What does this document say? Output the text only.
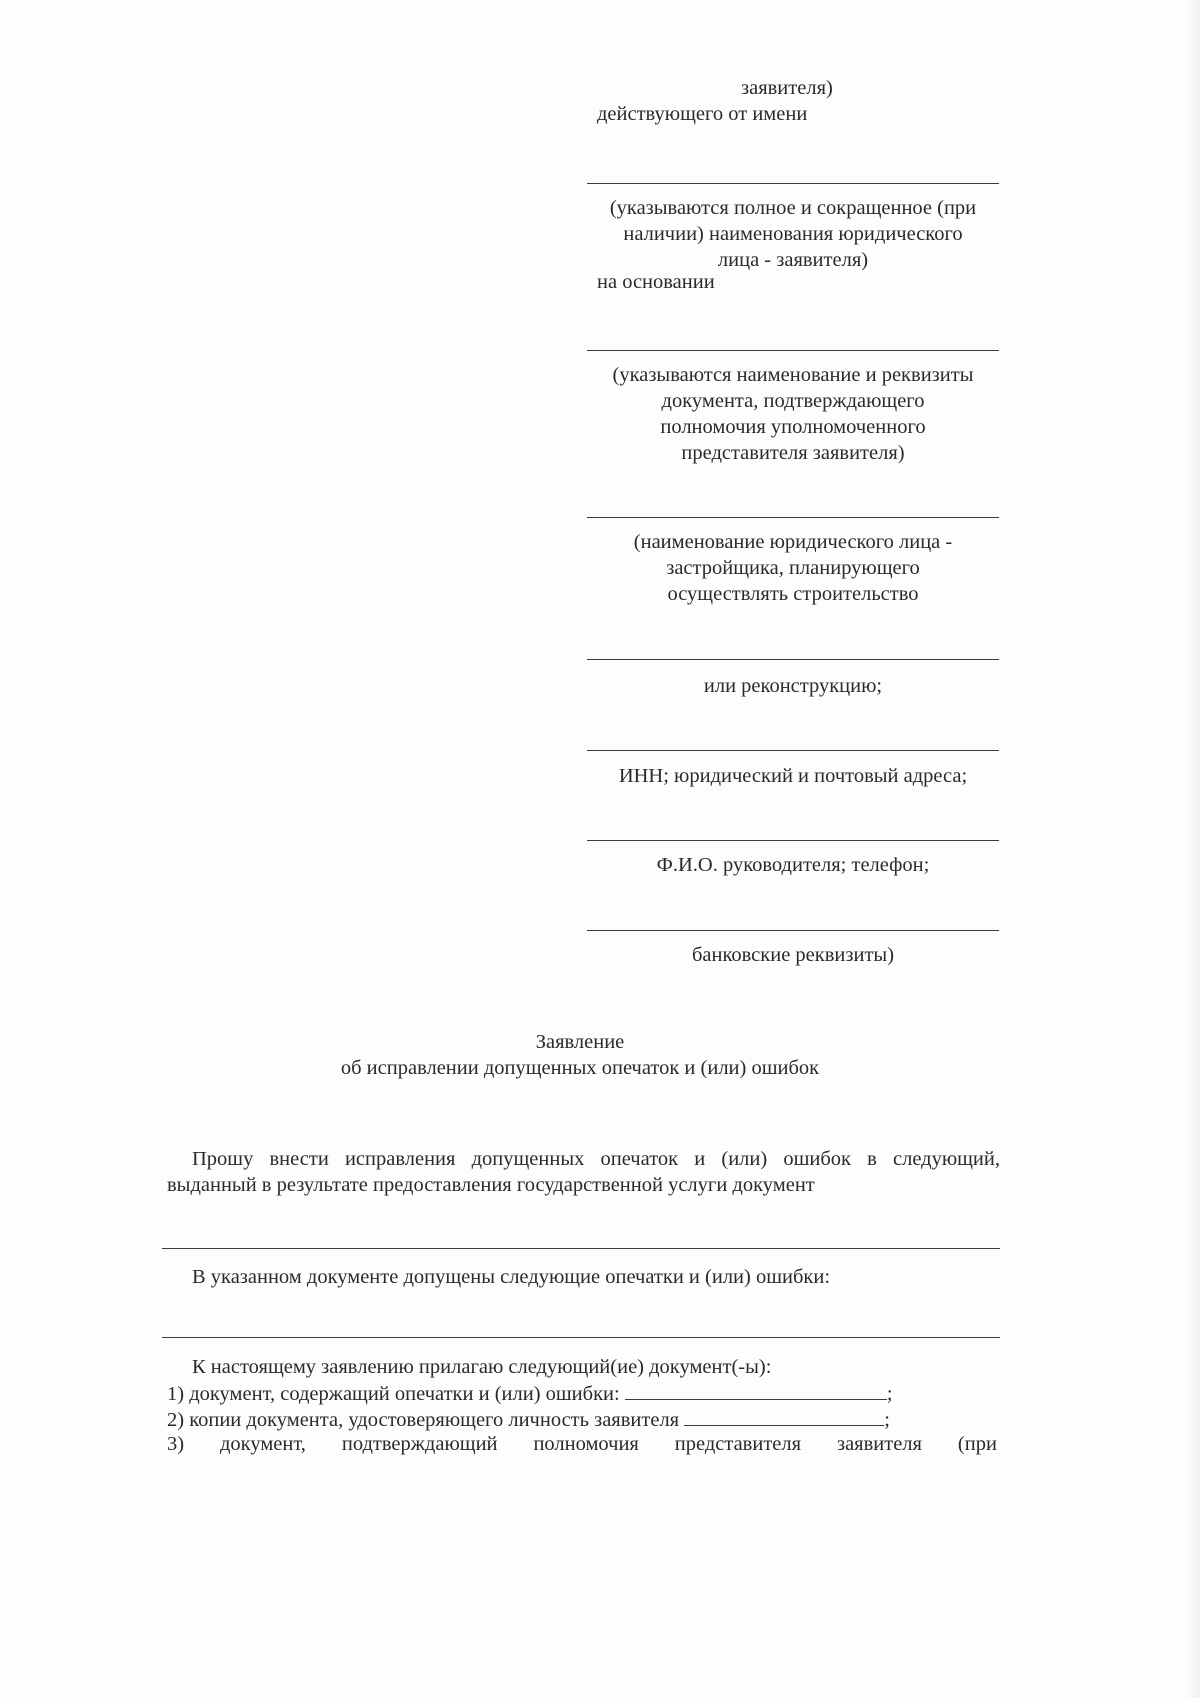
заявителя)
действующего от имени
(указываются полное и сокращенное (при
наличии) наименования юридического
лица - заявителя)
на основании
(указываются наименование и реквизиты
документа, подтверждающего
полномочия уполномоченного
представителя заявителя)
(наименование юридического лица -
застройщика, планирующего
осуществлять строительство
или реконструкцию;
ИНН; юридический и почтовый адреса;
Ф.И.О. руководителя; телефон;
банковские реквизиты)
Заявление
об исправлении допущенных опечаток и (или) ошибок
Прошу внести исправления допущенных опечаток и (или) ошибок в следующий,
выданный в результате предоставления государственной услуги документ
В указанном документе допущены следующие опечатки и (или) ошибки:
К настоящему заявлению прилагаю следующий(ие) документ(-ы):
1) документ, содержащий опечатки и (или) ошибки:	;
2) копии документа, удостоверяющего личность заявителя	;
3) документ, подтверждающий полномочия представителя заявителя (при
